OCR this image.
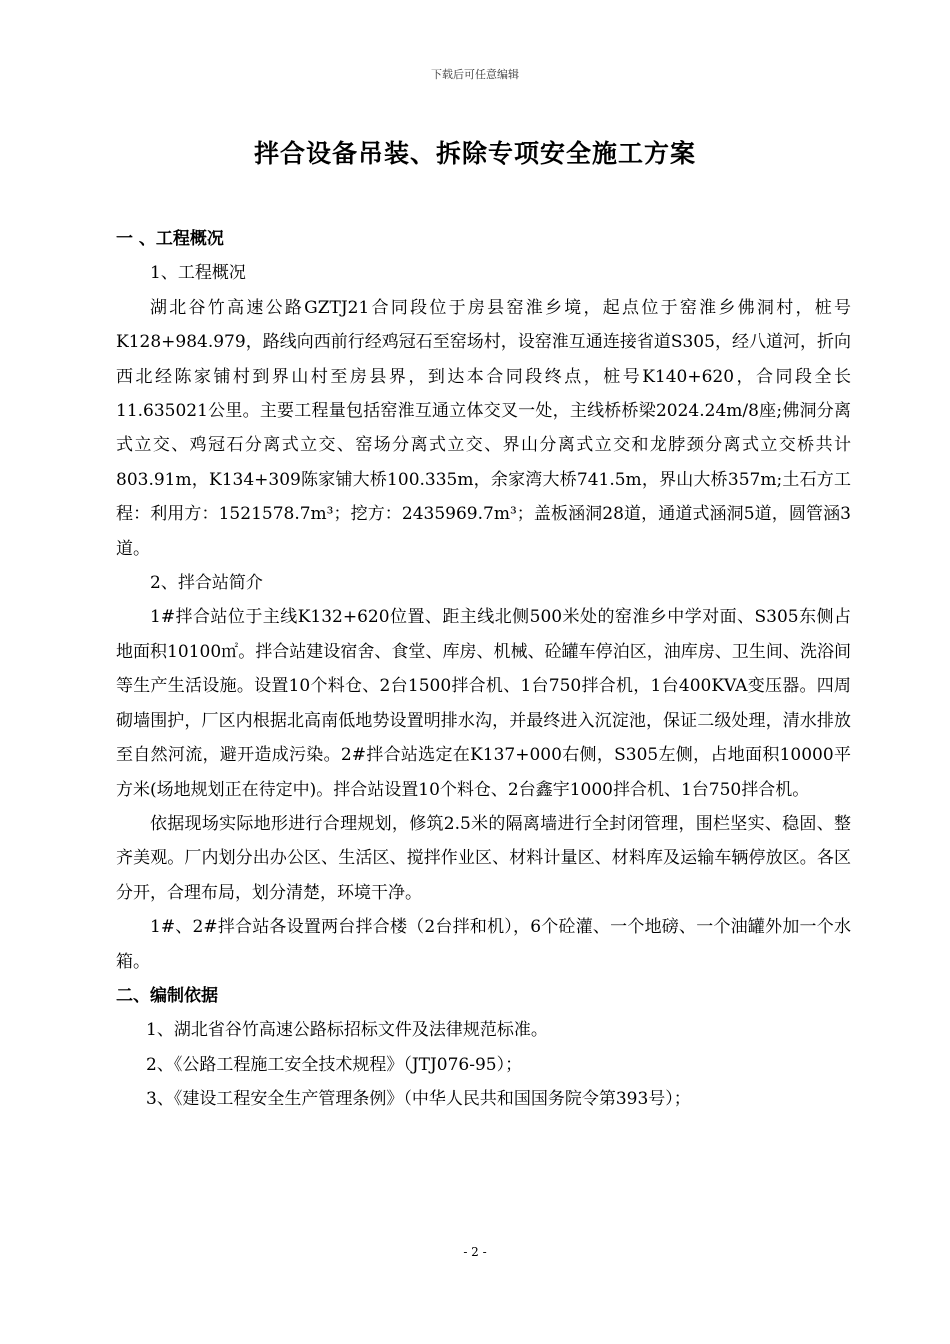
下载后可任意编辑
拌合设备吊装、拆除专项安全施工方案
一 、工程概况
1、工程概况
湖北谷竹高速公路GZTJ21合同段位于房县窑淮乡境，起点位于窑淮乡佛洞村，桩号K128+984.979，路线向西前行经鸡冠石至窑场村，设窑淮互通连接省道S305，经八道河，折向西北经陈家铺村到界山村至房县界，到达本合同段终点，桩号K140+620，合同段全长11.635021公里。主要工程量包括窑淮互通立体交叉一处，主线桥桥梁2024.24m/8座;佛洞分离式立交、鸡冠石分离式立交、窑场分离式立交、界山分离式立交和龙脖颈分离式立交桥共计803.91m，K134+309陈家铺大桥100.335m，余家湾大桥741.5m，界山大桥357m;土石方工程：利用方：1521578.7m³；挖方：2435969.7m³；盖板涵洞28道，通道式涵洞5道，圆管涵3道。
2、拌合站简介
1#拌合站位于主线K132+620位置、距主线北侧500米处的窑淮乡中学对面、S305东侧占地面积10100㎡。拌合站建设宿舍、食堂、库房、机械、砼罐车停泊区，油库房、卫生间、洗浴间等生产生活设施。设置10个料仓、2台1500拌合机、1台750拌合机，1台400KVA变压器。四周砌墙围护，厂区内根据北高南低地势设置明排水沟，并最终进入沉淀池，保证二级处理，清水排放至自然河流，避开造成污染。2#拌合站选定在K137+000右侧，S305左侧，占地面积10000平方米(场地规划正在待定中)。拌合站设置10个料仓、2台鑫宇1000拌合机、1台750拌合机。
依据现场实际地形进行合理规划，修筑2.5米的隔离墙进行全封闭管理，围栏坚实、稳固、整齐美观。厂内划分出办公区、生活区、搅拌作业区、材料计量区、材料库及运输车辆停放区。各区分开，合理布局，划分清楚，环境干净。
1#、2#拌合站各设置两台拌合楼（2台拌和机），6个砼灌、一个地磅、一个油罐外加一个水箱。
二、编制依据
1、湖北省谷竹高速公路标招标文件及法律规范标准。
2、《公路工程施工安全技术规程》（JTJ076-95）；
3、《建设工程安全生产管理条例》（中华人民共和国国务院令第393号）；
- 2 -
